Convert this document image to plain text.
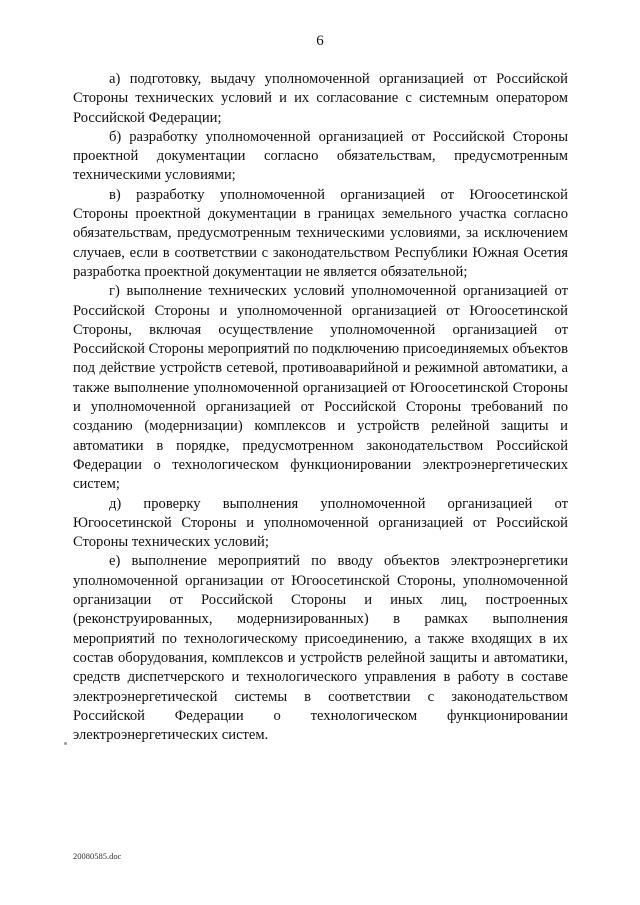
6

а) подготовку, выдачу уполномоченной организацией от Российской Стороны технических условий и их согласование с системным оператором Российской Федерации;

б) разработку уполномоченной организацией от Российской Стороны проектной документации согласно обязательствам, предусмотренным техническими условиями;

в) разработку уполномоченной организацией от Югоосетинской Стороны проектной документации в границах земельного участка согласно обязательствам, предусмотренным техническими условиями, за исключением случаев, если в соответствии с законодательством Республики Южная Осетия разработка проектной документации не является обязательной;

г) выполнение технических условий уполномоченной организацией от Российской Стороны и уполномоченной организацией от Югоосетинской Стороны, включая осуществление уполномоченной организацией от Российской Стороны мероприятий по подключению присоединяемых объектов под действие устройств сетевой, противоаварийной и режимной автоматики, а также выполнение уполномоченной организацией от Югоосетинской Стороны и уполномоченной организацией от Российской Стороны требований по созданию (модернизации) комплексов и устройств релейной защиты и автоматики в порядке, предусмотренном законодательством Российской Федерации о технологическом функционировании электроэнергетических систем;

д) проверку выполнения уполномоченной организацией от Югоосетинской Стороны и уполномоченной организацией от Российской Стороны технических условий;

е) выполнение мероприятий по вводу объектов электроэнергетики уполномоченной организации от Югоосетинской Стороны, уполномоченной организации от Российской Стороны и иных лиц, построенных (реконструированных, модернизированных) в рамках выполнения мероприятий по технологическому присоединению, а также входящих в их состав оборудования, комплексов и устройств релейной защиты и автоматики, средств диспетчерского и технологического управления в работу в составе электроэнергетической системы в соответствии с законодательством Российской Федерации о технологическом функционировании электроэнергетических систем.

20080585.doc
